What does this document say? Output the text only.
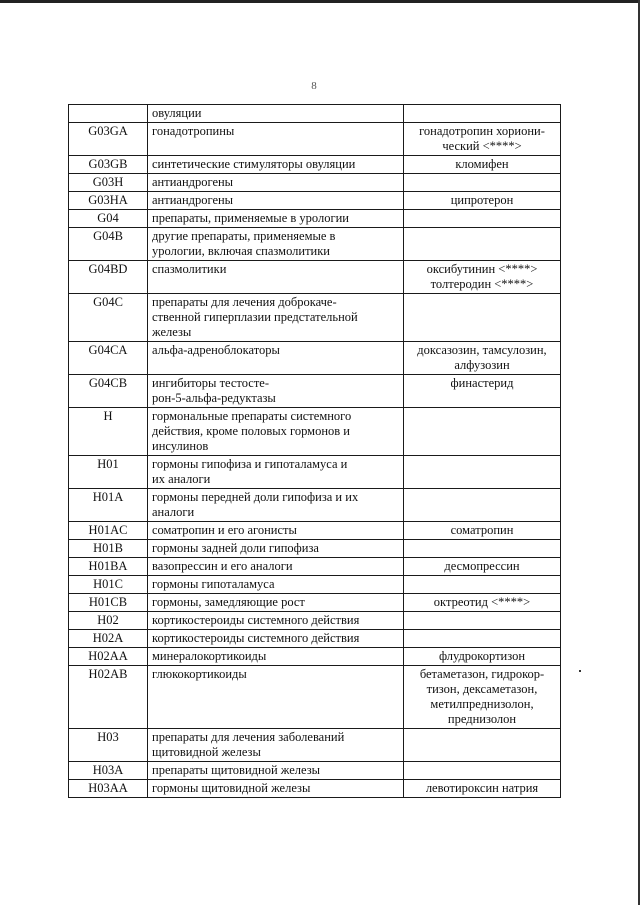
8

	овуляции	

G03GA	гонадотропины	гонадотропин хориони-
ческий <****>

G03GB	синтетические стимуляторы овуляции	кломифен

G03H	антиандрогены	

G03HA	антиандрогены	ципротерон

G04	препараты, применяемые в урологии	

G04B	другие препараты, применяемые в
урологии, включая спазмолитики	

G04BD	спазмолитики	оксибутинин <****>
толтеродин <****>

G04C	препараты для лечения доброкаче-
ственной гиперплазии предстательной
железы	

G04CA	альфа-адреноблокаторы	доксазозин, тамсулозин,
алфузозин

G04CB	ингибиторы тестосте-
рон-5-альфа-редуктазы	финастерид

H	гормональные препараты системного
действия, кроме половых гормонов и
инсулинов	

H01	гормоны гипофиза и гипоталамуса и
их аналоги	

H01A	гормоны передней доли гипофиза и их
аналоги	

H01AC	соматропин и его агонисты	соматропин

H01B	гормоны задней доли гипофиза	

H01BA	вазопрессин и его аналоги	десмопрессин

H01C	гормоны гипоталамуса	

H01CB	гормоны, замедляющие рост	октреотид <****>

H02	кортикостероиды системного действия	

H02A	кортикостероиды системного действия	

H02AA	минералокортикоиды	флудрокортизон

H02AB	глюкокортикоиды	бетаметазон, гидрокор-
тизон, дексаметазон,
метилпреднизолон,
преднизолон

H03	препараты для лечения заболеваний
щитовидной железы	

H03A	препараты щитовидной железы	

H03AA	гормоны щитовидной железы	левотироксин натрия
